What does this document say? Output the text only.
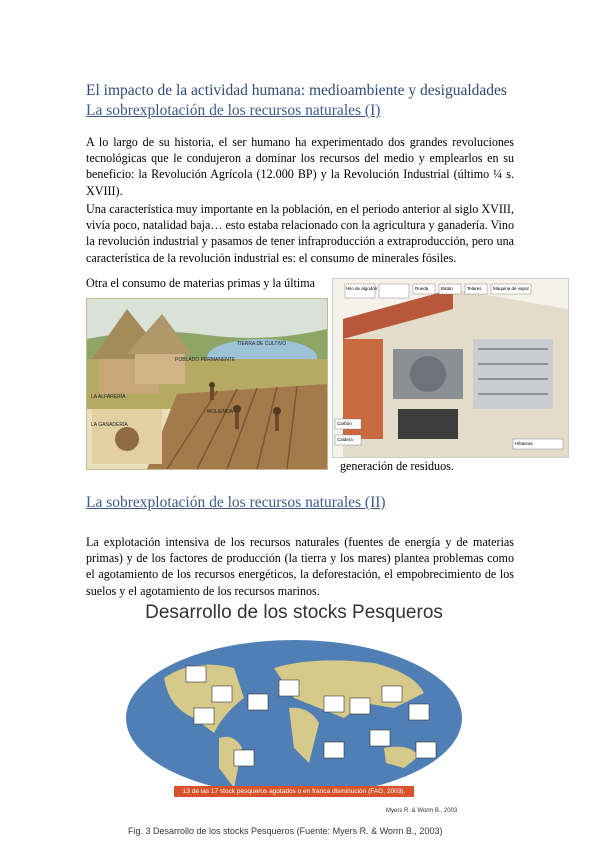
El impacto de la actividad humana: medioambiente y desigualdades
La sobrexplotación de los recursos naturales (I)

A lo largo de su historia, el ser humano ha experimentado dos grandes revoluciones tecnológicas que le condujeron a dominar los recursos del medio y emplearlos en su beneficio: la Revolución Agrícola (12.000 BP) y la Revolución Industrial (último ¼ s. XVIII).

Una característica muy importante en la población, en el periodo anterior al siglo XVIII, vivía poco, natalidad baja… esto estaba relacionado con la agricultura y ganadería. Vino la revolución industrial y pasamos de tener infraproducción a extraproducción, pero una característica de la revolución industrial es: el consumo de minerales fósiles.

Otra el consumo de materias primas y la última
POBLADO PERMANENTE
TIERRA DE CULTIVO
LA ALFARERÍA
MOLIENDA
LA GANADERÍA
Hilo de algodón	Rueda	Batán	Telares
Carbón
Caldera
Máquina de vapor
Hilaturas
generación de residuos.
La sobrexplotación de los recursos naturales (II)

La explotación intensiva de los recursos naturales (fuentes de energía y de materias primas) y de los factores de producción (la tierra y los mares) plantea problemas como el agotamiento de los recursos energéticos, la deforestación, el empobrecimiento de los suelos y el agotamiento de los recursos marinos.

Desarrollo de los stocks Pesqueros
13 de las 17 stock pesqueros agotados o en franca disminución (FAO, 2003).
Myers R. & Worm B., 2003
Fig. 3 Desarrollo de los stocks Pesqueros (Fuente: Myers R. & Worm B., 2003)
